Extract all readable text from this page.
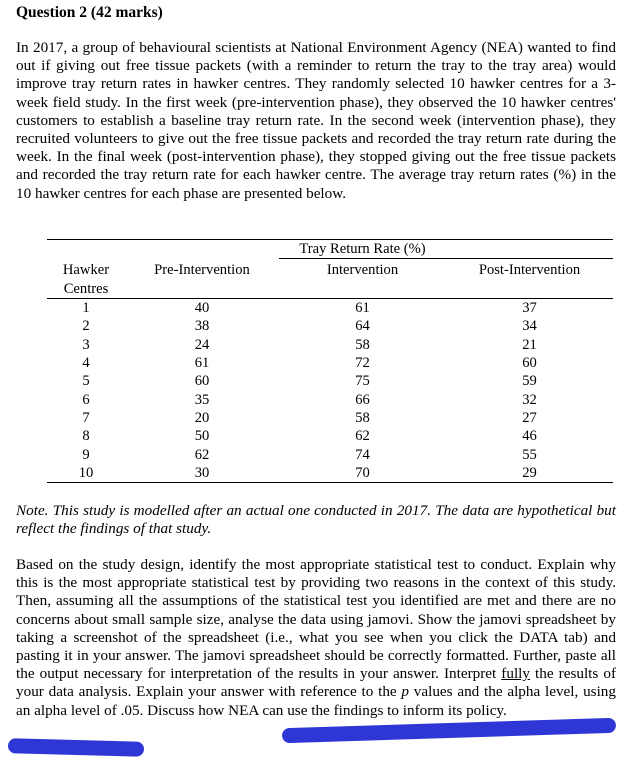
Question 2 (42 marks)

In 2017, a group of behavioural scientists at National Environment Agency (NEA) wanted to find out if giving out free tissue packets (with a reminder to return the tray to the tray area) would improve tray return rates in hawker centres. They randomly selected 10 hawker centres for a 3-week field study. In the first week (pre-intervention phase), they observed the 10 hawker centres' customers to establish a baseline tray return rate. In the second week (intervention phase), they recruited volunteers to give out the free tissue packets and recorded the tray return rate during the week. In the final week (post-intervention phase), they stopped giving out the free tissue packets and recorded the tray return rate for each hawker centre. The average tray return rates (%) in the 10 hawker centres for each phase are presented below.

		Tray Return Rate (%)	
Hawker	Pre-Intervention	Intervention	Post-Intervention
Centres			
1	40	61	37
2	38	64	34
3	24	58	21
4	61	72	60
5	60	75	59
6	35	66	32
7	20	58	27
8	50	62	46
9	62	74	55
10	30	70	29

Note. This study is modelled after an actual one conducted in 2017. The data are hypothetical but reflect the findings of that study.

Based on the study design, identify the most appropriate statistical test to conduct. Explain why this is the most appropriate statistical test by providing two reasons in the context of this study. Then, assuming all the assumptions of the statistical test you identified are met and there are no concerns about small sample size, analyse the data using jamovi. Show the jamovi spreadsheet by taking a screenshot of the spreadsheet (i.e., what you see when you click the DATA tab) and pasting it in your answer. The jamovi spreadsheet should be correctly formatted. Further, paste all the output necessary for interpretation of the results in your answer. Interpret fully the results of your data analysis. Explain your answer with reference to the p values and the alpha level, using an alpha level of .05. Discuss how NEA can use the findings to inform its policy.
